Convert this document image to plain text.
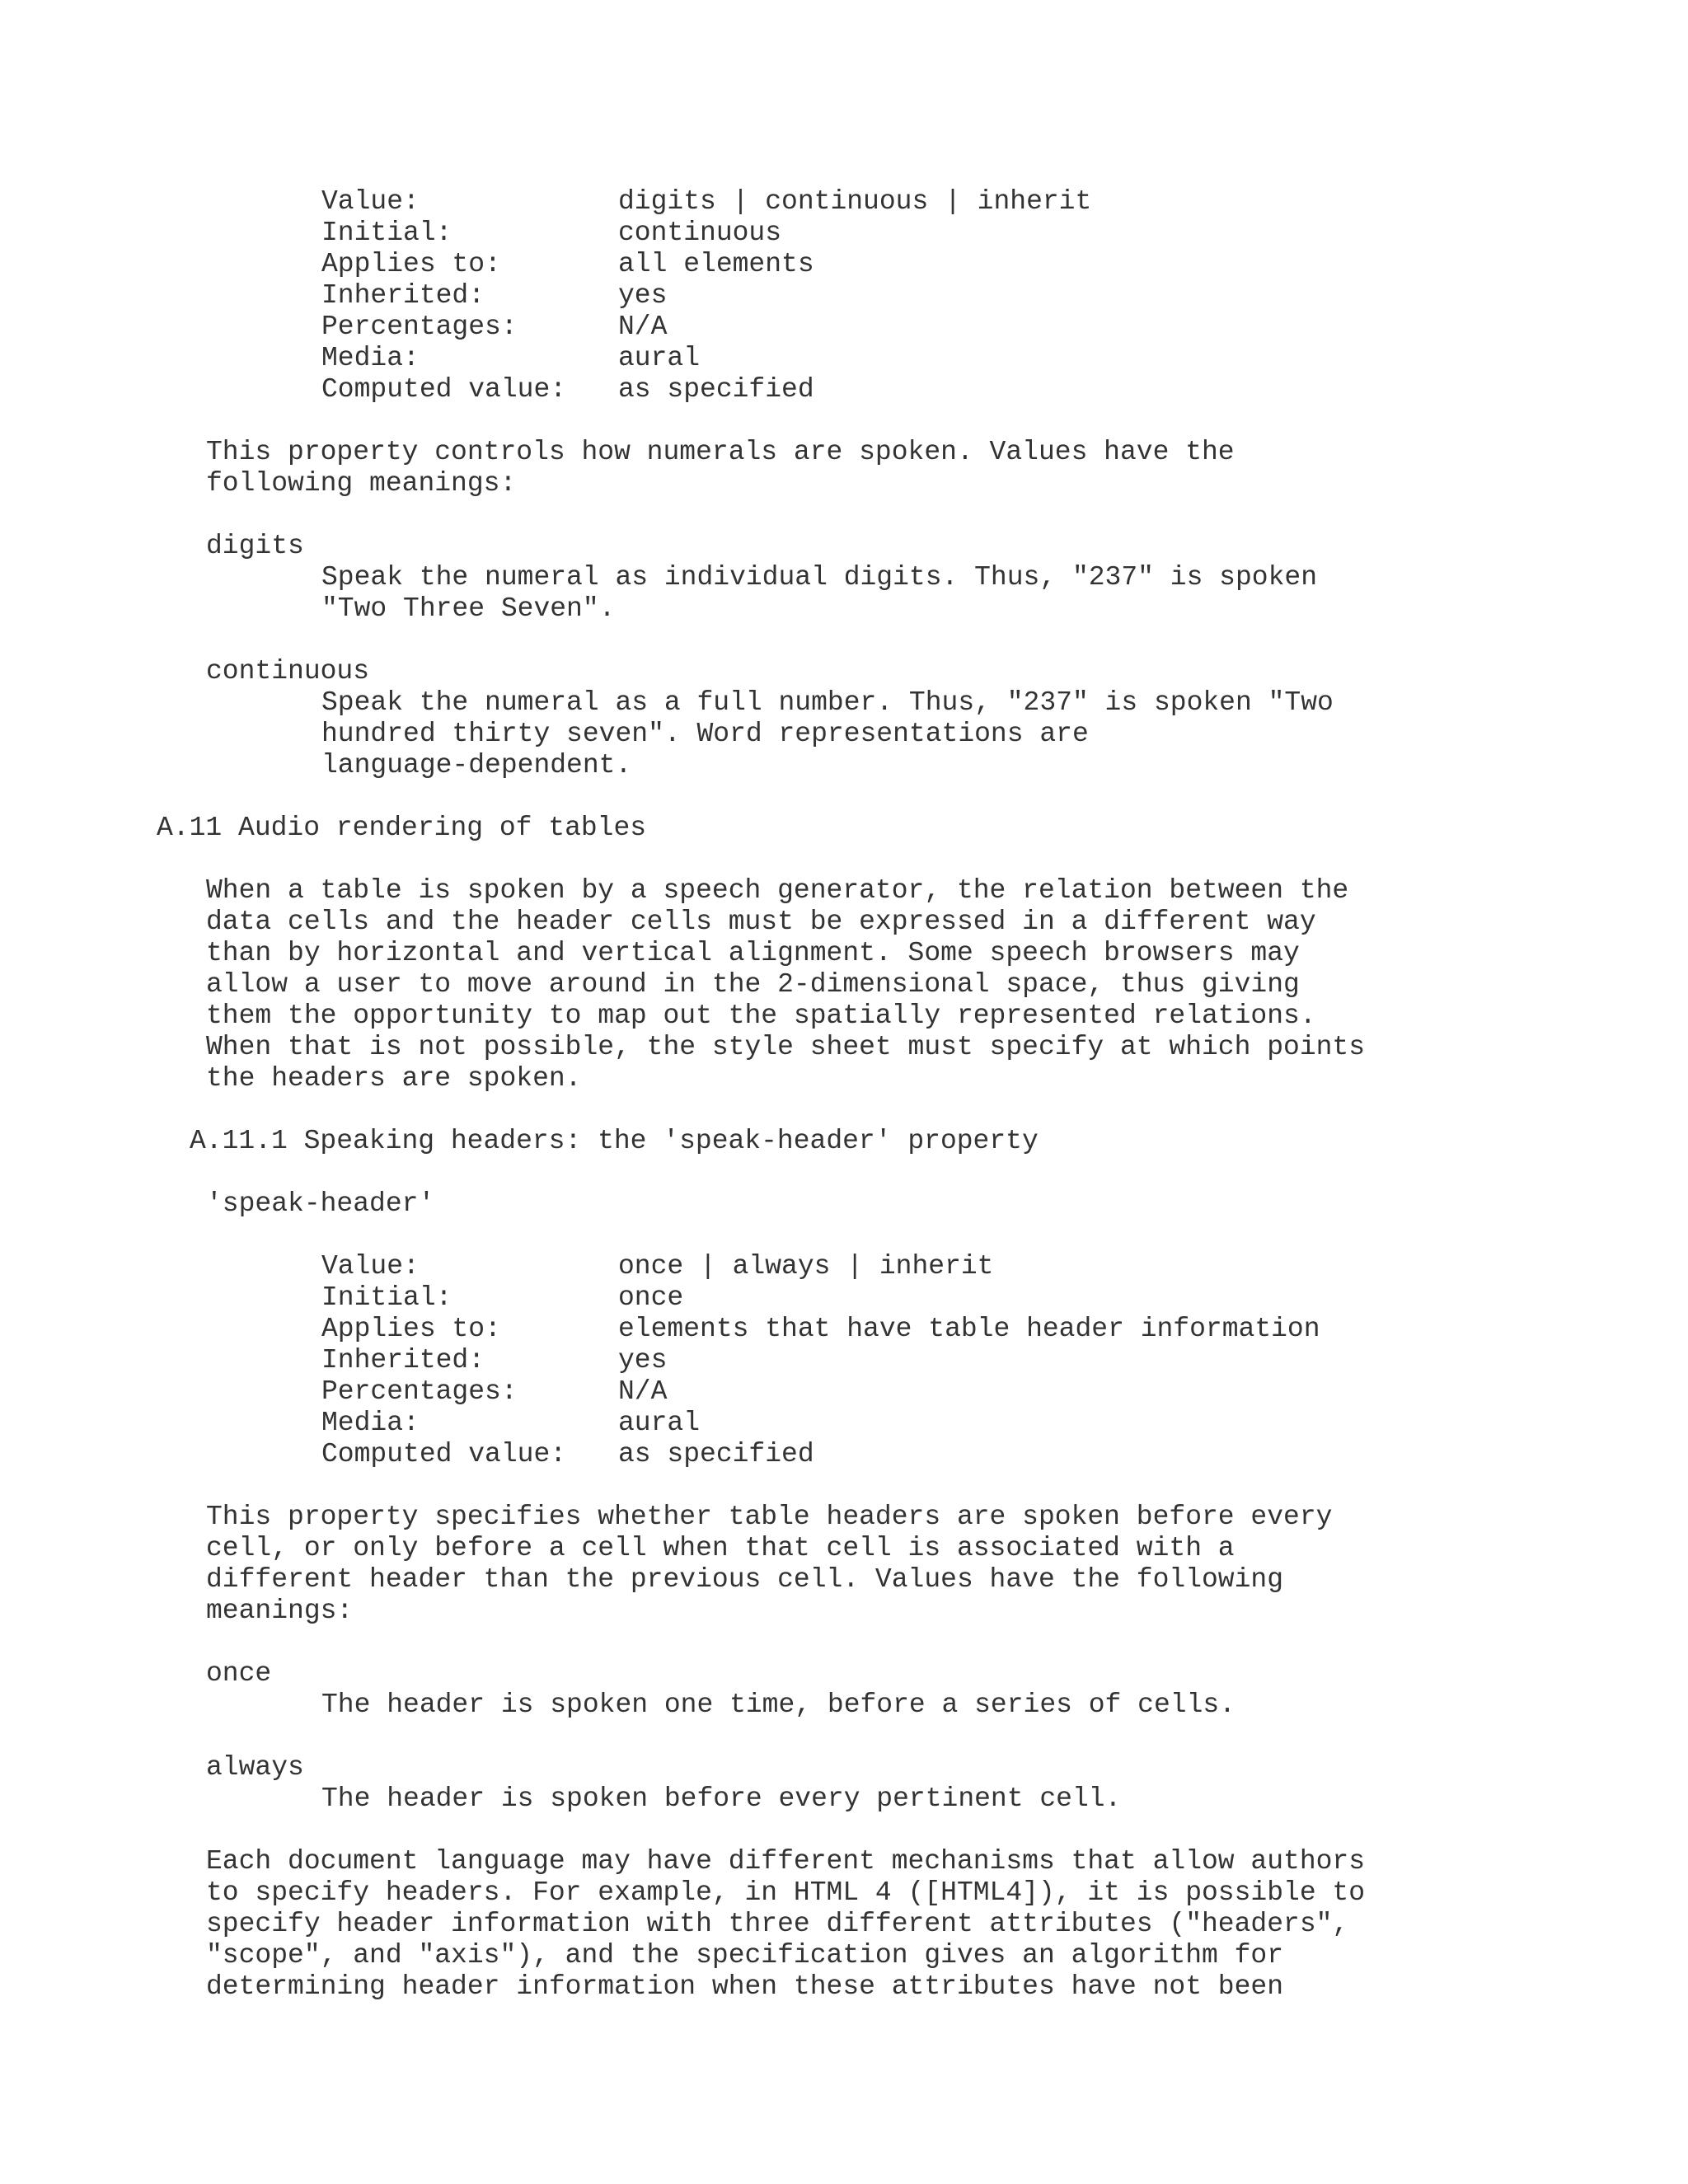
Value:	digits | continuous | inherit
Initial:	continuous
Applies to:	all elements
Inherited:	yes
Percentages:	N/A
Media:	aural
Computed value: as specified

This property controls how numerals are spoken. Values have the

following meanings:

digits

Speak the numeral as individual digits. Thus, "237" is spoken

"Two Three Seven".

continuous

Speak the numeral as a full number. Thus, "237" is spoken "Two

hundred thirty seven". Word representations are

language-dependent.

A.11 Audio rendering of tables

When a table is spoken by a speech generator, the relation between the

data cells and the header cells must be expressed in a different way

than by horizontal and vertical alignment. Some speech browsers may

allow a user to move around in the 2-dimensional space, thus giving

them the opportunity to map out the spatially represented relations.

When that is not possible, the style sheet must specify at which points

the headers are spoken.

A.11.1 Speaking headers: the 'speak-header' property

'speak-header'

Value:	once | always | inherit
Initial:	once
Applies to:	elements that have table header information
Inherited:	yes
Percentages:	N/A
Media:	aural
Computed value: as specified

This property specifies whether table headers are spoken before every

cell, or only before a cell when that cell is associated with a

different header than the previous cell. Values have the following

meanings:

once

The header is spoken one time, before a series of cells.

always

The header is spoken before every pertinent cell.

Each document language may have different mechanisms that allow authors

to specify headers. For example, in HTML 4 ([HTML4]), it is possible to

specify header information with three different attributes ("headers",

"scope", and "axis"), and the specification gives an algorithm for

determining header information when these attributes have not been
